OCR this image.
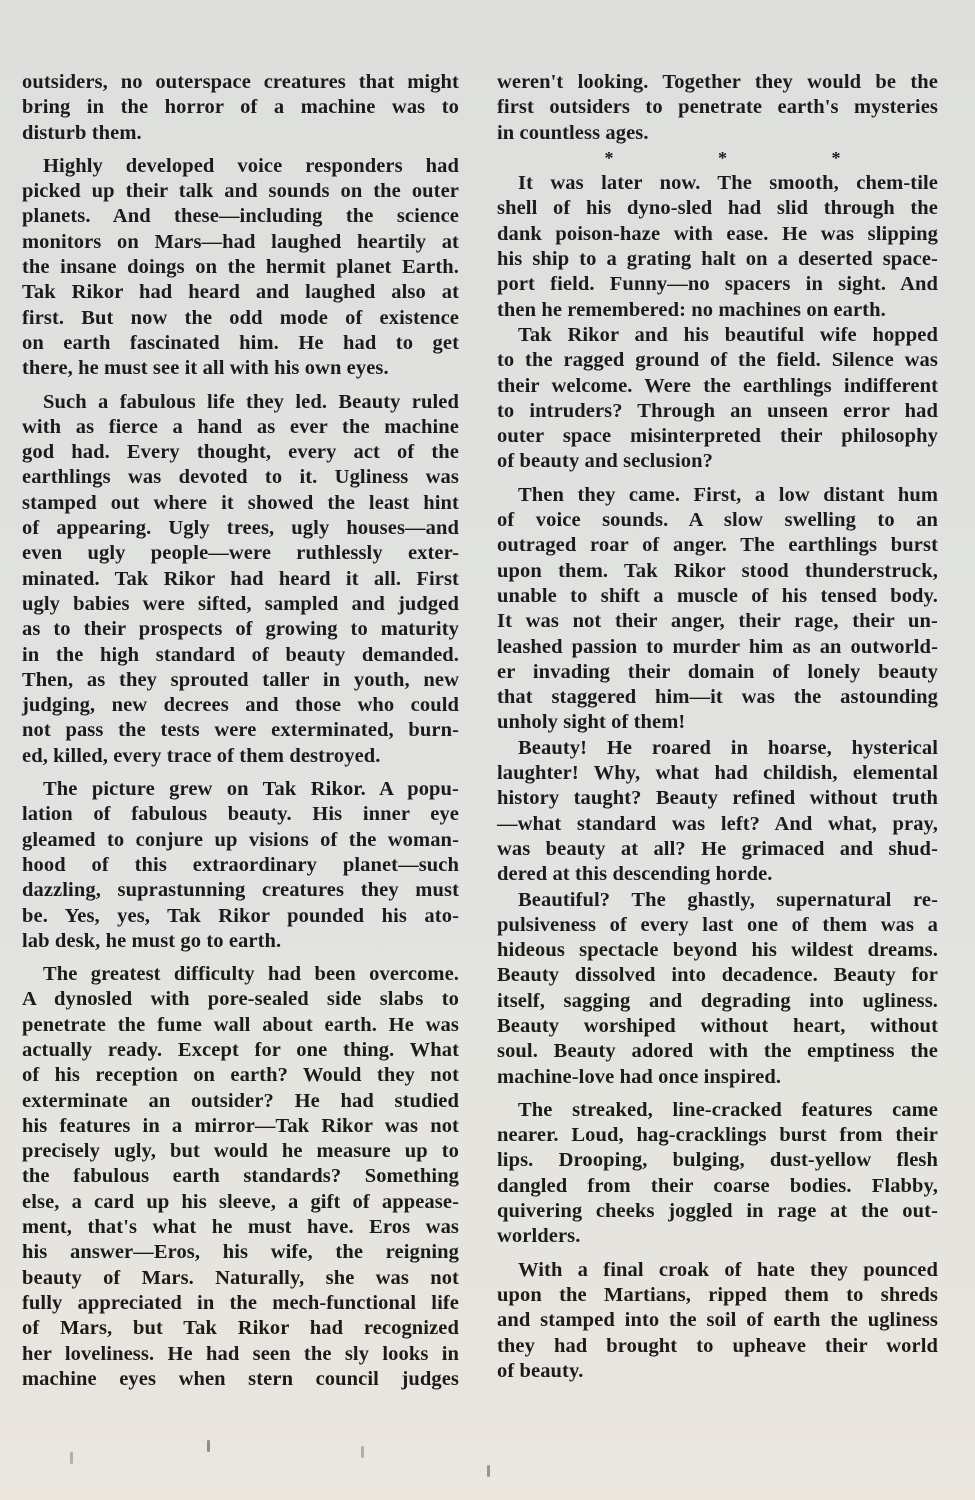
outsiders, no outerspace creatures that might
bring in the horror of a machine was to
disturb them.
Highly developed voice responders had
picked up their talk and sounds on the outer
planets. And these—including the science
monitors on Mars—had laughed heartily at
the insane doings on the hermit planet Earth.
Tak Rikor had heard and laughed also at
first. But now the odd mode of existence
on earth fascinated him. He had to get
there, he must see it all with his own eyes.
Such a fabulous life they led. Beauty ruled
with as fierce a hand as ever the machine
god had. Every thought, every act of the
earthlings was devoted to it. Ugliness was
stamped out where it showed the least hint
of appearing. Ugly trees, ugly houses—and
even ugly people—were ruthlessly exter-
minated. Tak Rikor had heard it all. First
ugly babies were sifted, sampled and judged
as to their prospects of growing to maturity
in the high standard of beauty demanded.
Then, as they sprouted taller in youth, new
judging, new decrees and those who could
not pass the tests were exterminated, burn-
ed, killed, every trace of them destroyed.
The picture grew on Tak Rikor. A popu-
lation of fabulous beauty. His inner eye
gleamed to conjure up visions of the woman-
hood of this extraordinary planet—such
dazzling, suprastunning creatures they must
be. Yes, yes, Tak Rikor pounded his ato-
lab desk, he must go to earth.
The greatest difficulty had been overcome.
A dynosled with pore-sealed side slabs to
penetrate the fume wall about earth. He was
actually ready. Except for one thing. What
of his reception on earth? Would they not
exterminate an outsider? He had studied
his features in a mirror—Tak Rikor was not
precisely ugly, but would he measure up to
the fabulous earth standards? Something
else, a card up his sleeve, a gift of appease-
ment, that's what he must have. Eros was
his answer—Eros, his wife, the reigning
beauty of Mars. Naturally, she was not
fully appreciated in the mech-functional life
of Mars, but Tak Rikor had recognized
her loveliness. He had seen the sly looks in
machine eyes when stern council judges
weren't looking. Together they would be the
first outsiders to penetrate earth's mysteries
in countless ages.
* * *
It was later now. The smooth, chem-tile
shell of his dyno-sled had slid through the
dank poison-haze with ease. He was slipping
his ship to a grating halt on a deserted space-
port field. Funny—no spacers in sight. And
then he remembered: no machines on earth.
Tak Rikor and his beautiful wife hopped
to the ragged ground of the field. Silence was
their welcome. Were the earthlings indifferent
to intruders? Through an unseen error had
outer space misinterpreted their philosophy
of beauty and seclusion?
Then they came. First, a low distant hum
of voice sounds. A slow swelling to an
outraged roar of anger. The earthlings burst
upon them. Tak Rikor stood thunderstruck,
unable to shift a muscle of his tensed body.
It was not their anger, their rage, their un-
leashed passion to murder him as an outworld-
er invading their domain of lonely beauty
that staggered him—it was the astounding
unholy sight of them!
Beauty! He roared in hoarse, hysterical
laughter! Why, what had childish, elemental
history taught? Beauty refined without truth
—what standard was left? And what, pray,
was beauty at all? He grimaced and shud-
dered at this descending horde.
Beautiful? The ghastly, supernatural re-
pulsiveness of every last one of them was a
hideous spectacle beyond his wildest dreams.
Beauty dissolved into decadence. Beauty for
itself, sagging and degrading into ugliness.
Beauty worshiped without heart, without
soul. Beauty adored with the emptiness the
machine-love had once inspired.
The streaked, line-cracked features came
nearer. Loud, hag-cracklings burst from their
lips. Drooping, bulging, dust-yellow flesh
dangled from their coarse bodies. Flabby,
quivering cheeks joggled in rage at the out-
worlders.
With a final croak of hate they pounced
upon the Martians, ripped them to shreds
and stamped into the soil of earth the ugliness
they had brought to upheave their world
of beauty.
